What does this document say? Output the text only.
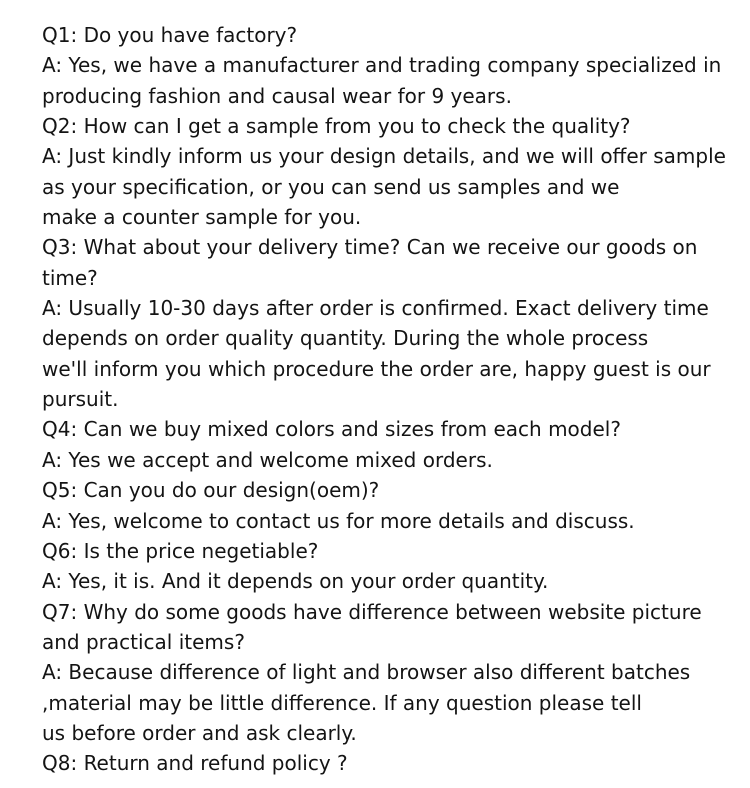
Q1: Do you have factory?
A: Yes, we have a manufacturer and trading company specialized in
producing fashion and causal wear for 9 years.
Q2: How can I get a sample from you to check the quality?
A: Just kindly inform us your design details, and we will offer sample
as your specification, or you can send us samples and we
make a counter sample for you.
Q3: What about your delivery time? Can we receive our goods on
time?
A: Usually 10-30 days after order is confirmed. Exact delivery time
depends on order quality quantity. During the whole process
we'll inform you which procedure the order are, happy guest is our
pursuit.
Q4: Can we buy mixed colors and sizes from each model?
A: Yes we accept and welcome mixed orders.
Q5: Can you do our design(oem)?
A: Yes, welcome to contact us for more details and discuss.
Q6: Is the price negetiable?
A: Yes, it is. And it depends on your order quantity.
Q7: Why do some goods have difference between website picture
and practical items?
A: Because difference of light and browser also different batches
,material may be little difference. If any question please tell
us before order and ask clearly.
Q8: Return and refund policy ?
